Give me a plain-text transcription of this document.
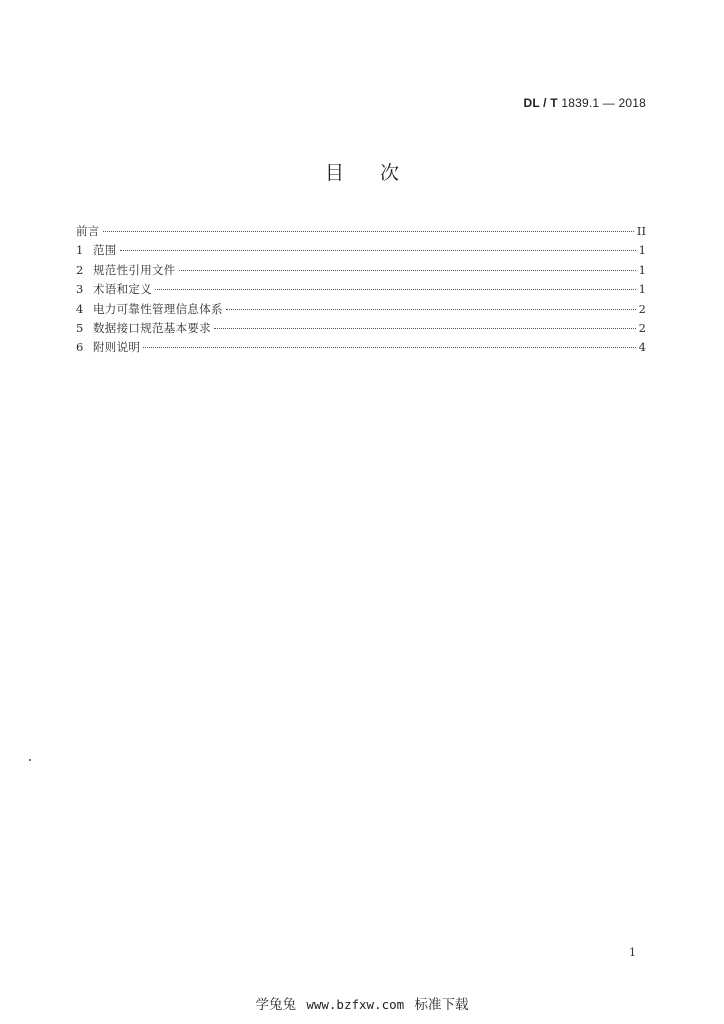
DL / T 1839.1 — 2018
目次
前言	II
1 范围	1
2 规范性引用文件	1
3 术语和定义	1
4 电力可靠性管理信息体系	2
5 数据接口规范基本要求	2
6 附则说明	4
1
学兔兔 www.bzfxw.com 标准下载
